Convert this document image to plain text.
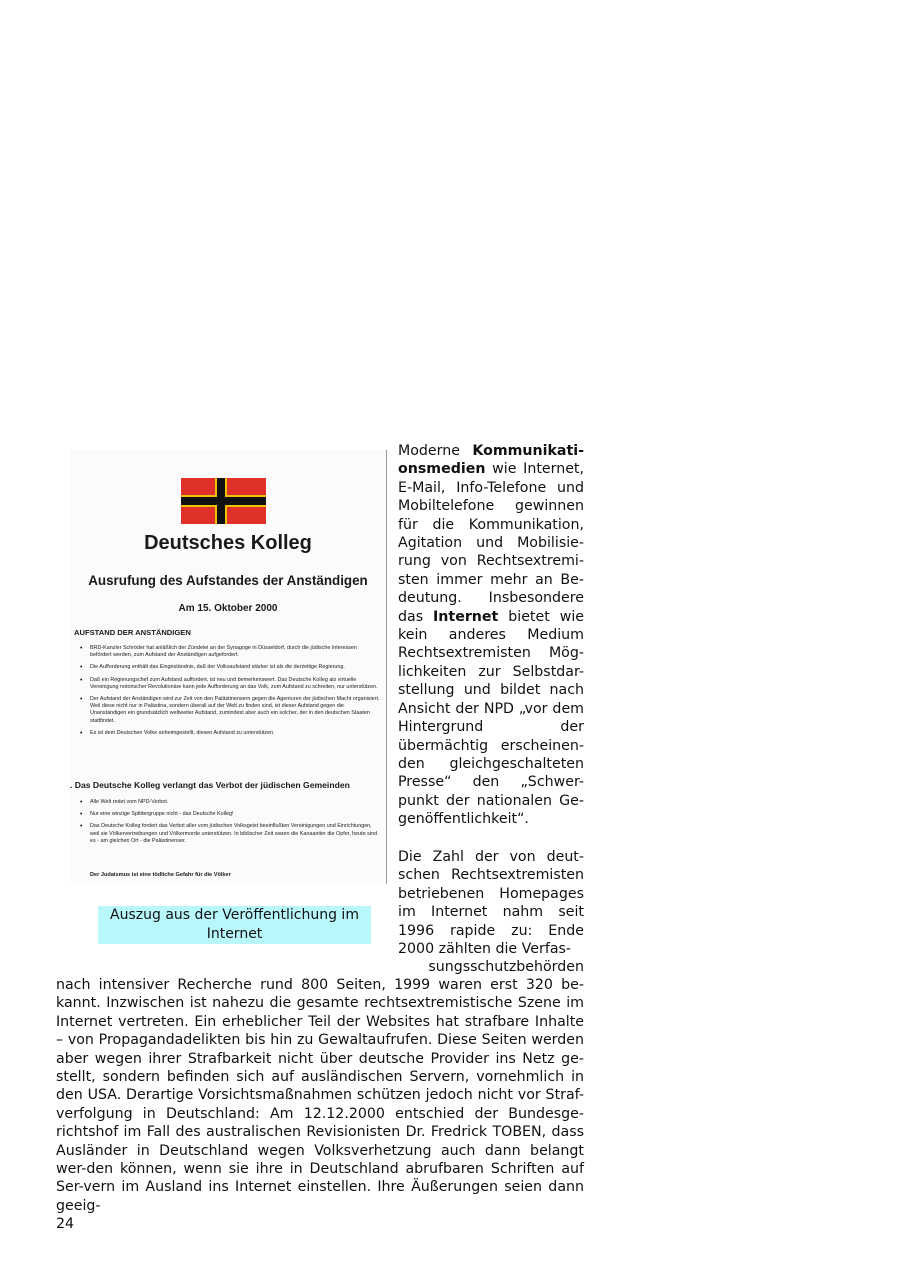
Deutsches Kolleg
Ausrufung des Aufstandes der Anständigen
Am 15. Oktober 2000
AUFSTAND DER ANSTÄNDIGEN
• BRD-Kanzler Schröder hat anläßlich der Zündelei an der Synagoge in Düsseldorf, durch die jüdische Interessen befördert werden, zum Aufstand der Anständigen aufgefordert.
• Die Aufforderung enthält das Eingeständnis, daß der Volksaufstand stärker ist als die derzeitige Regierung.
• Daß ein Regierungschef zum Aufstand auffordert, ist neu und bemerkenswert. Das Deutsche Kolleg als virtuelle Vereinigung notorischer Revolutionäre kann jede Aufforderung an das Volk, zum Aufstand zu schreiten, nur unterstützen.
• Der Aufstand der Anständigen wird zur Zeit von den Palästinensern gegen die Agenturen der jüdischen Macht organisiert. Weil diese nicht nur in Palästina, sondern überall auf der Welt zu finden sind, ist dieser Aufstand gegen die Unanständigen ein grundsätzlich weltweiter Aufstand, zumindest aber auch ein solcher, der in den deutschen Staaten stattfindet.
• Es ist dem Deutschen Volke anheimgestellt, diesen Aufstand zu unterstützen.
. Das Deutsche Kolleg verlangt das Verbot der jüdischen Gemeinden
• Alle Welt redet vom NPD-Verbot.
• Nur eine winzige Splittergruppe nicht - das Deutsche Kolleg!
• Das Deutsche Kolleg fordert das Verbot aller vom jüdischen Volksgeist beeinflußten Vereinigungen und Einrichtungen, weil sie Völkervertreibungen und Völkermorde unterstützen. In biblischer Zeit waren die Kanaaniter die Opfer, heute sind es - am gleichen Ort - die Palästinenser.
Der Judaismus ist eine tödliche Gefahr für die Völker
Auszug aus der Veröffentlichung im Internet

Moderne Kommunikati-onsmedien wie Internet, E-Mail, Info-Telefone und Mobiltelefone gewinnen für die Kommunikation, Agitation und Mobilisie-rung von Rechtsextremi-sten immer mehr an Be-deutung. Insbesondere das Internet bietet wie kein anderes Medium Rechtsextremisten Mög-lichkeiten zur Selbstdar-stellung und bildet nach Ansicht der NPD „vor dem Hintergrund der übermächtig erscheinen-den gleichgeschalteten Presse“ den „Schwer-punkt der nationalen Ge-genöffentlichkeit“.

Die Zahl der von deut-schen Rechtsextremisten betriebenen Homepages im Internet nahm seit 1996 rapide zu: Ende 2000 zählten die Verfas-

sungsschutzbehörden

nach intensiver Recherche rund 800 Seiten, 1999 waren erst 320 be-kannt. Inzwischen ist nahezu die gesamte rechtsextremistische Szene im Internet vertreten. Ein erheblicher Teil der Websites hat strafbare Inhalte – von Propagandadelikten bis hin zu Gewaltaufrufen. Diese Seiten werden aber wegen ihrer Strafbarkeit nicht über deutsche Provider ins Netz ge-stellt, sondern befinden sich auf ausländischen Servern, vornehmlich in den USA. Derartige Vorsichtsmaßnahmen schützen jedoch nicht vor Straf-verfolgung in Deutschland: Am 12.12.2000 entschied der Bundesge-richtshof im Fall des australischen Revisionisten Dr. Fredrick TOBEN, dass Ausländer in Deutschland wegen Volksverhetzung auch dann belangt wer-den können, wenn sie ihre in Deutschland abrufbaren Schriften auf Ser-vern im Ausland ins Internet einstellen. Ihre Äußerungen seien dann geeig-

24
